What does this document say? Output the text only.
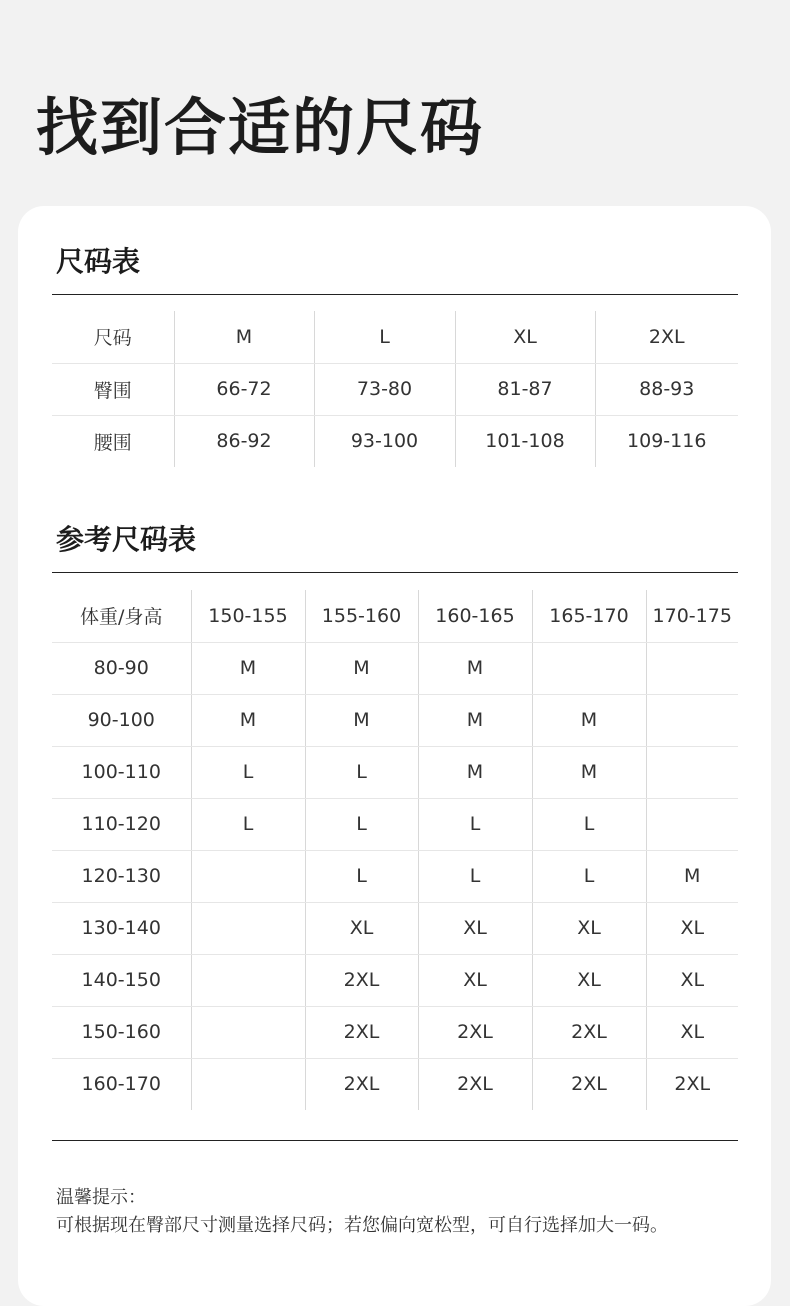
找到合适的尺码
尺码表
尺码	M	L	XL	2XL
臀围	66-72	73-80	81-87	88-93
腰围	86-92	93-100	101-108	109-116
参考尺码表
体重/身高	150-155	155-160	160-165	165-170	170-175
80-90	M	M	M		
90-100	M	M	M	M	
100-110	L	L	M	M	
110-120	L	L	L	L	
120-130		L	L	L	M
130-140		XL	XL	XL	XL
140-150		2XL	XL	XL	XL
150-160		2XL	2XL	2XL	XL
160-170		2XL	2XL	2XL	2XL

温馨提示：

可根据现在臀部尺寸测量选择尺码；若您偏向宽松型，可自行选择加大一码。
